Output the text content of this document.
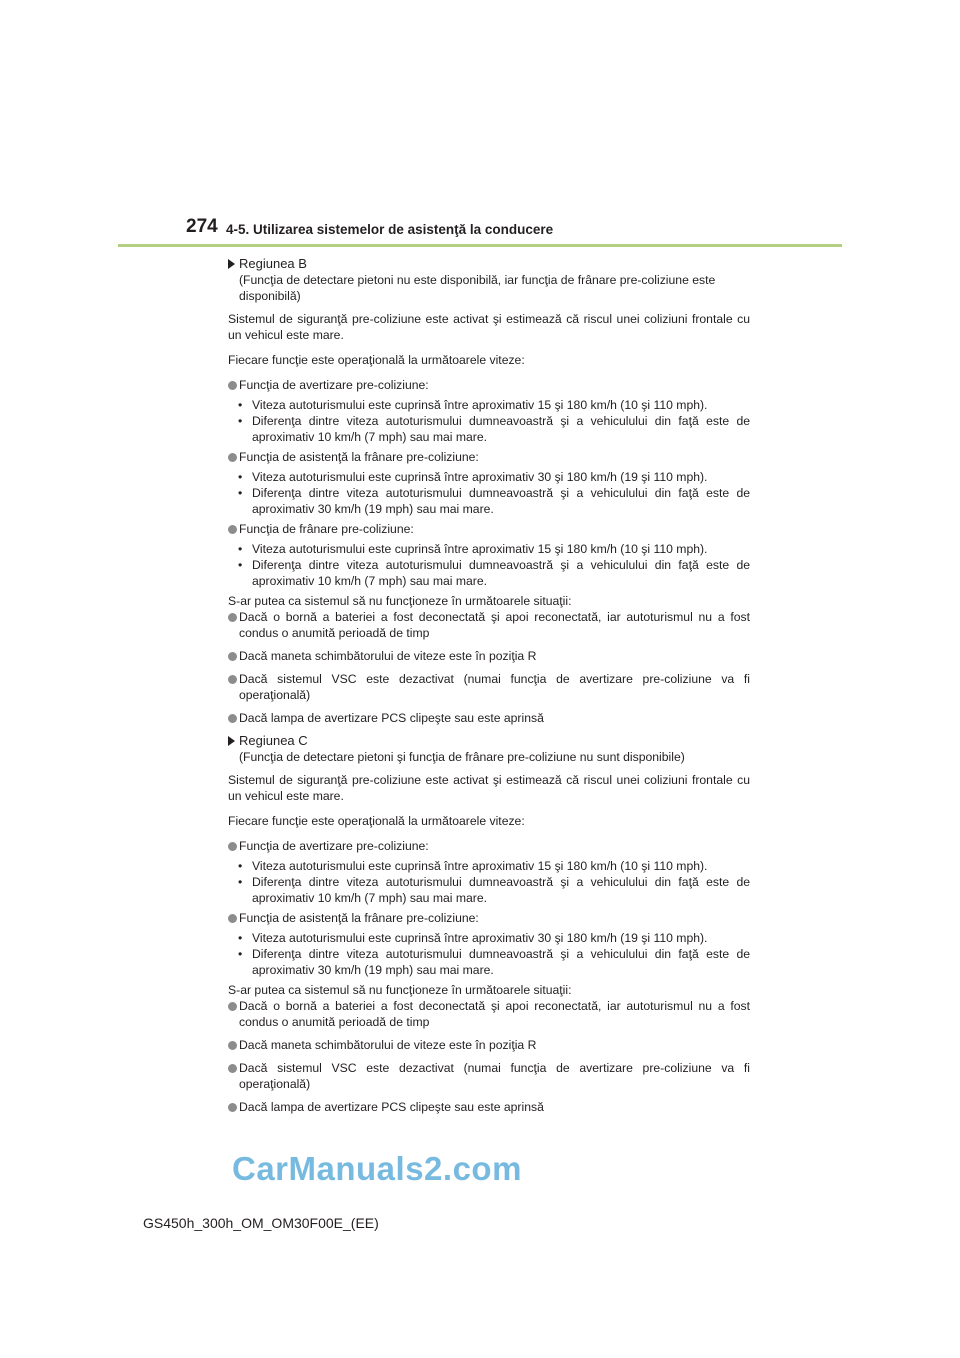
274 4-5. Utilizarea sistemelor de asistenţă la conducere
Regiunea B
(Funcţia de detectare pietoni nu este disponibilă, iar funcţia de frânare pre-coliziune este disponibilă)

Sistemul de siguranţă pre-coliziune este activat şi estimează că riscul unei coliziuni frontale cu un vehicul este mare.

Fiecare funcţie este operaţională la următoarele viteze:

Funcţia de avertizare pre-coliziune:

• Viteza autoturismului este cuprinsă între aproximativ 15 şi 180 km/h (10 şi 110 mph).

• Diferenţa dintre viteza autoturismului dumneavoastră şi a vehiculului din faţă este de aproximativ 10 km/h (7 mph) sau mai mare.

Funcţia de asistenţă la frânare pre-coliziune:

• Viteza autoturismului este cuprinsă între aproximativ 30 şi 180 km/h (19 şi 110 mph).

• Diferenţa dintre viteza autoturismului dumneavoastră şi a vehiculului din faţă este de aproximativ 30 km/h (19 mph) sau mai mare.

Funcţia de frânare pre-coliziune:

• Viteza autoturismului este cuprinsă între aproximativ 15 şi 180 km/h (10 şi 110 mph).

• Diferenţa dintre viteza autoturismului dumneavoastră şi a vehiculului din faţă este de aproximativ 10 km/h (7 mph) sau mai mare.

S-ar putea ca sistemul să nu funcţioneze în următoarele situaţii:

Dacă o bornă a bateriei a fost deconectată şi apoi reconectată, iar autoturismul nu a fost condus o anumită perioadă de timp

Dacă maneta schimbătorului de viteze este în poziţia R

Dacă sistemul VSC este dezactivat (numai funcţia de avertizare pre-coliziune va fi operaţională)

Dacă lampa de avertizare PCS clipeşte sau este aprinsă

Regiunea C
(Funcţia de detectare pietoni şi funcţia de frânare pre-coliziune nu sunt disponibile)

Sistemul de siguranţă pre-coliziune este activat şi estimează că riscul unei coliziuni frontale cu un vehicul este mare.

Fiecare funcţie este operaţională la următoarele viteze:

Funcţia de avertizare pre-coliziune:

• Viteza autoturismului este cuprinsă între aproximativ 15 şi 180 km/h (10 şi 110 mph).

• Diferenţa dintre viteza autoturismului dumneavoastră şi a vehiculului din faţă este de aproximativ 10 km/h (7 mph) sau mai mare.

Funcţia de asistenţă la frânare pre-coliziune:

• Viteza autoturismului este cuprinsă între aproximativ 30 şi 180 km/h (19 şi 110 mph).

• Diferenţa dintre viteza autoturismului dumneavoastră şi a vehiculului din faţă este de aproximativ 30 km/h (19 mph) sau mai mare.

S-ar putea ca sistemul să nu funcţioneze în următoarele situaţii:

Dacă o bornă a bateriei a fost deconectată şi apoi reconectată, iar autoturismul nu a fost condus o anumită perioadă de timp

Dacă maneta schimbătorului de viteze este în poziţia R

Dacă sistemul VSC este dezactivat (numai funcţia de avertizare pre-coliziune va fi operaţională)

Dacă lampa de avertizare PCS clipeşte sau este aprinsă

CarManuals2.com
GS450h_300h_OM_OM30F00E_(EE)
